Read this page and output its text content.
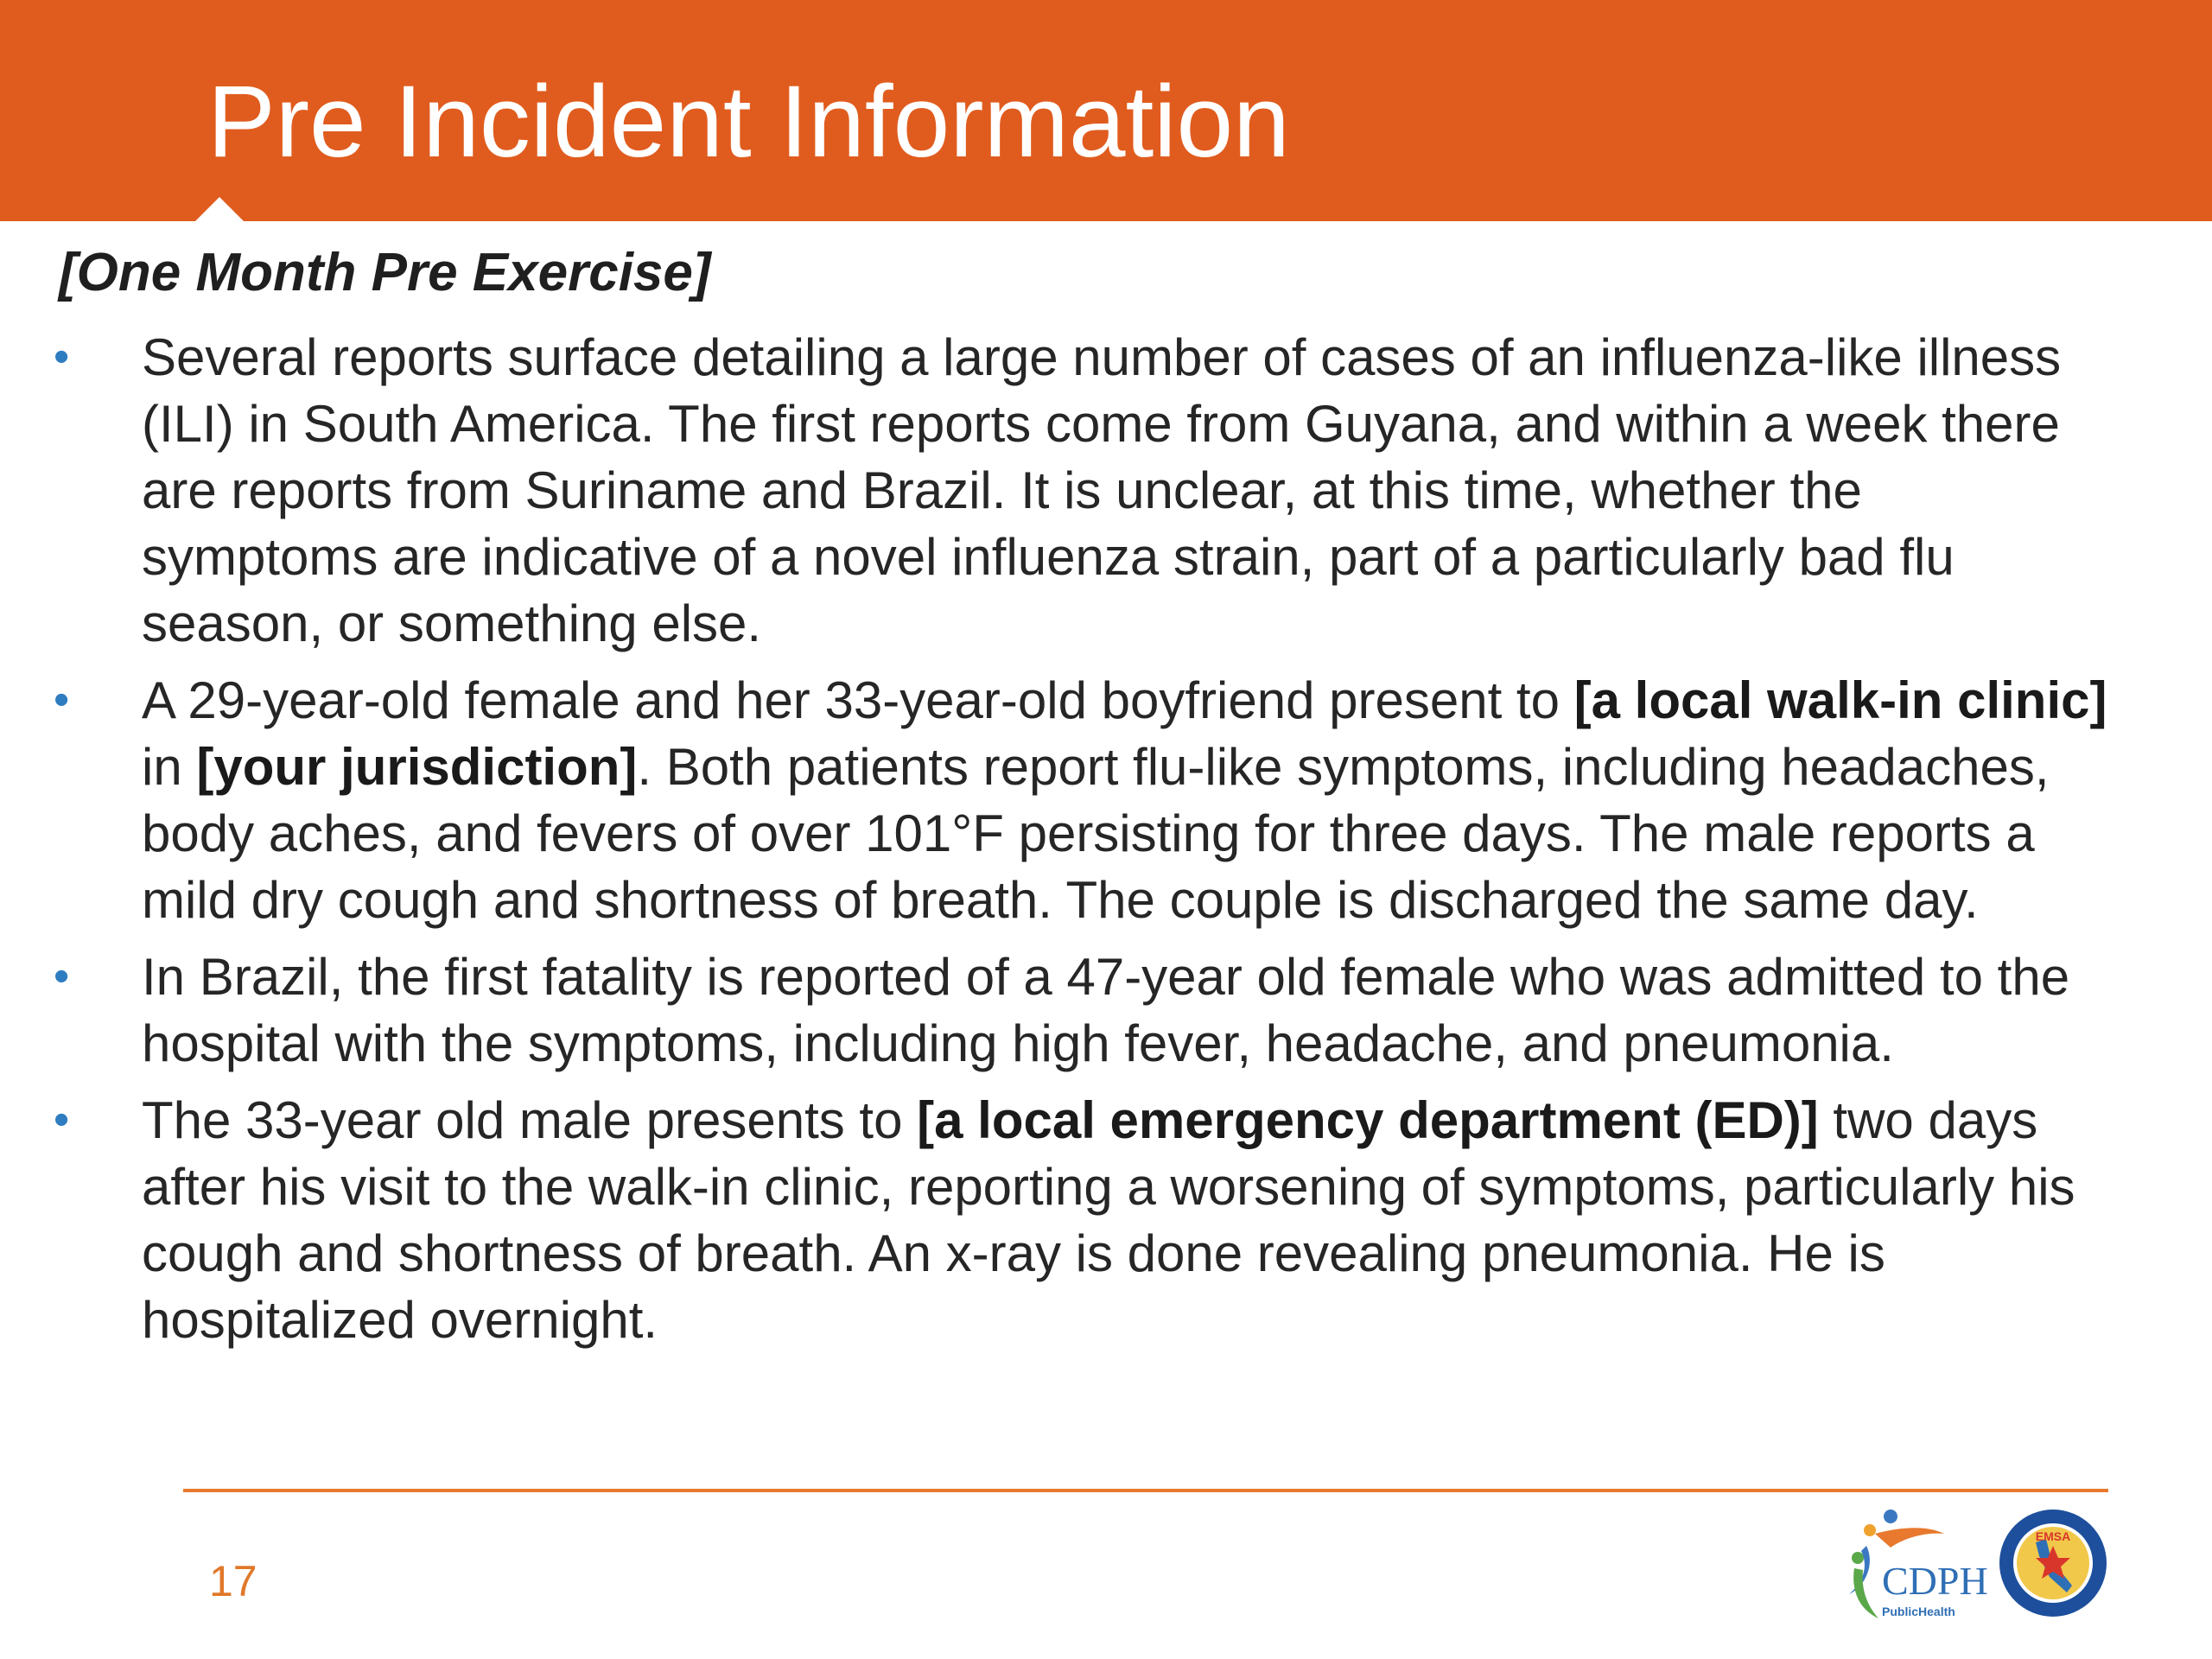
Pre Incident Information
[One Month Pre Exercise]
• Several reports surface detailing a large number of cases of an influenza-like illness (ILI) in South America. The first reports come from Guyana, and within a week there are reports from Suriname and Brazil. It is unclear, at this time, whether the symptoms are indicative of a novel influenza strain, part of a particularly bad flu season, or something else.
• A 29-year-old female and her 33-year-old boyfriend present to [a local walk-in clinic] in [your jurisdiction]. Both patients report flu-like symptoms, including headaches, body aches, and fevers of over 101°F persisting for three days. The male reports a mild dry cough and shortness of breath. The couple is discharged the same day.
• In Brazil, the first fatality is reported of a 47-year old female who was admitted to the hospital with the symptoms, including high fever, headache, and pneumonia.
• The 33-year old male presents to [a local emergency department (ED)] two days after his visit to the walk-in clinic, reporting a worsening of symptoms, particularly his cough and shortness of breath. An x-ray is done revealing pneumonia. He is hospitalized overnight.
17	CDPH
PublicHealth
EMSA
